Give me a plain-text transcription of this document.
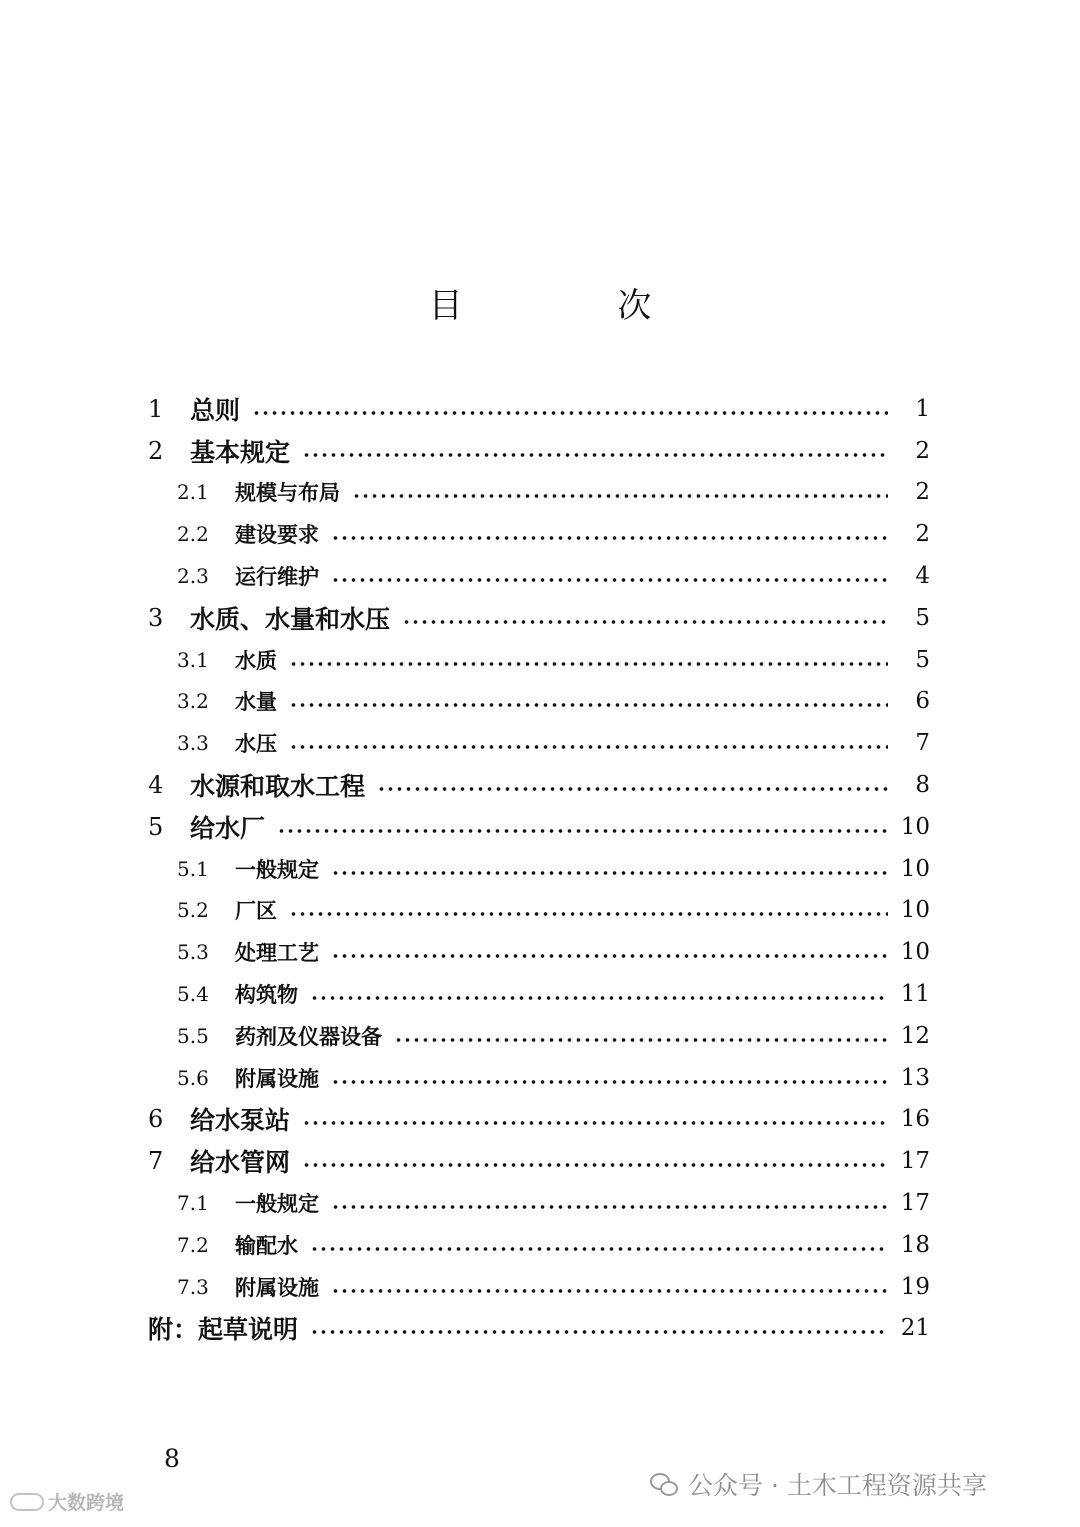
目 次
1	总则	1
2	基本规定	2
2.1	规模与布局	2
2.2	建设要求	2
2.3	运行维护	4
3	水质、水量和水压	5
3.1	水质	5
3.2	水量	6
3.3	水压	7
4	水源和取水工程	8
5	给水厂	10
5.1	一般规定	10
5.2	厂区	10
5.3	处理工艺	10
5.4	构筑物	11
5.5	药剂及仪器设备	12
5.6	附属设施	13
6	给水泵站	16
7	给水管网	17
7.1	一般规定	17
7.2	输配水	18
7.3	附属设施	19
附：起草说明	21
8
公众号 · 土木工程资源共享
大数跨境
